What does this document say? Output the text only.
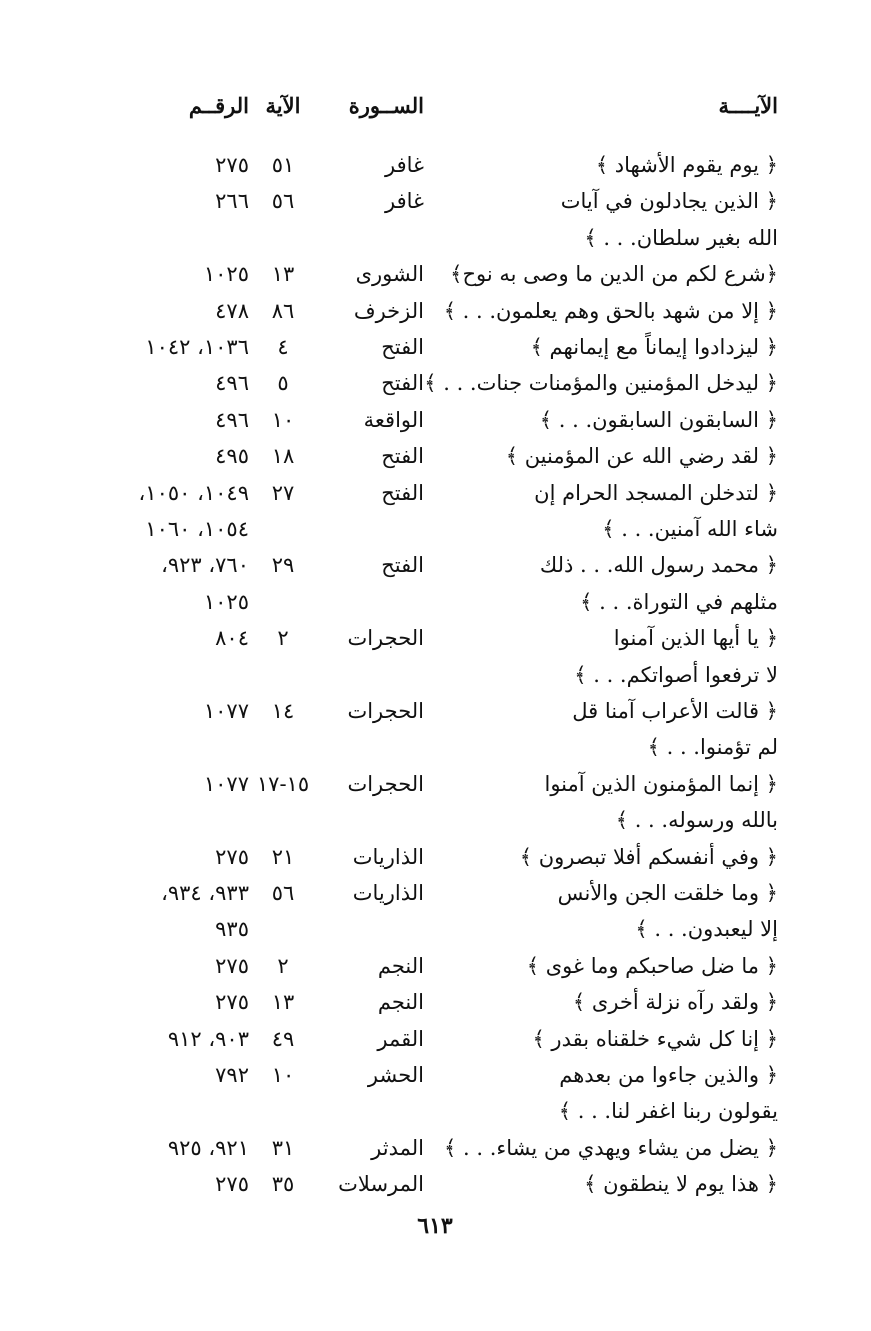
الآيــــة
الســورة
الآية
الرقــم
﴿ يوم يقوم الأشهاد ﴾
غافر
٥١
٢٧٥
﴿ الذين يجادلون في آيات
غافر
٥٦
٢٦٦
الله بغير سلطان. . . ﴾
﴿شرع لكم من الدين ما وصى به نوح﴾
الشورى
١٣
١٠٢٥
﴿ إلا من شهد بالحق وهم يعلمون. . . ﴾
الزخرف
٨٦
٤٧٨
﴿ ليزدادوا إيماناً مع إيمانهم ﴾
الفتح
٤
١٠٣٦، ١٠٤٢
﴿ ليدخل المؤمنين والمؤمنات جنات. . . ﴾
الفتح
٥
٤٩٦
﴿ السابقون السابقون. . . ﴾
الواقعة
١٠
٤٩٦
﴿ لقد رضي الله عن المؤمنين ﴾
الفتح
١٨
٤٩٥
﴿ لتدخلن المسجد الحرام إن
الفتح
٢٧
١٠٤٩، ١٠٥٠،
شاء الله آمنين. . . ﴾
١٠٥٤، ١٠٦٠
﴿ محمد رسول الله. . . ذلك
الفتح
٢٩
٧٦٠، ٩٢٣،
مثلهم في التوراة. . . ﴾
١٠٢٥
﴿ يا أيها الذين آمنوا
الحجرات
٢
٨٠٤
لا ترفعوا أصواتكم. . . ﴾
﴿ قالت الأعراب آمنا قل
الحجرات
١٤
١٠٧٧
لم تؤمنوا. . . ﴾
﴿ إنما المؤمنون الذين آمنوا
الحجرات
١٥-١٧
١٠٧٧
بالله ورسوله. . . ﴾
﴿ وفي أنفسكم أفلا تبصرون ﴾
الذاريات
٢١
٢٧٥
﴿ وما خلقت الجن والأنس
الذاريات
٥٦
٩٣٣، ٩٣٤،
إلا ليعبدون. . . ﴾
٩٣٥
﴿ ما ضل صاحبكم وما غوى ﴾
النجم
٢
٢٧٥
﴿ ولقد رآه نزلة أخرى ﴾
النجم
١٣
٢٧٥
﴿ إنا كل شيء خلقناه بقدر ﴾
القمر
٤٩
٩٠٣، ٩١٢
﴿ والذين جاءوا من بعدهم
الحشر
١٠
٧٩٢
يقولون ربنا اغفر لنا. . . ﴾
﴿ يضل من يشاء ويهدي من يشاء. . . ﴾
المدثر
٣١
٩٢١، ٩٢٥
﴿ هذا يوم لا ينطقون ﴾
المرسلات
٣٥
٢٧٥
٦١٣
